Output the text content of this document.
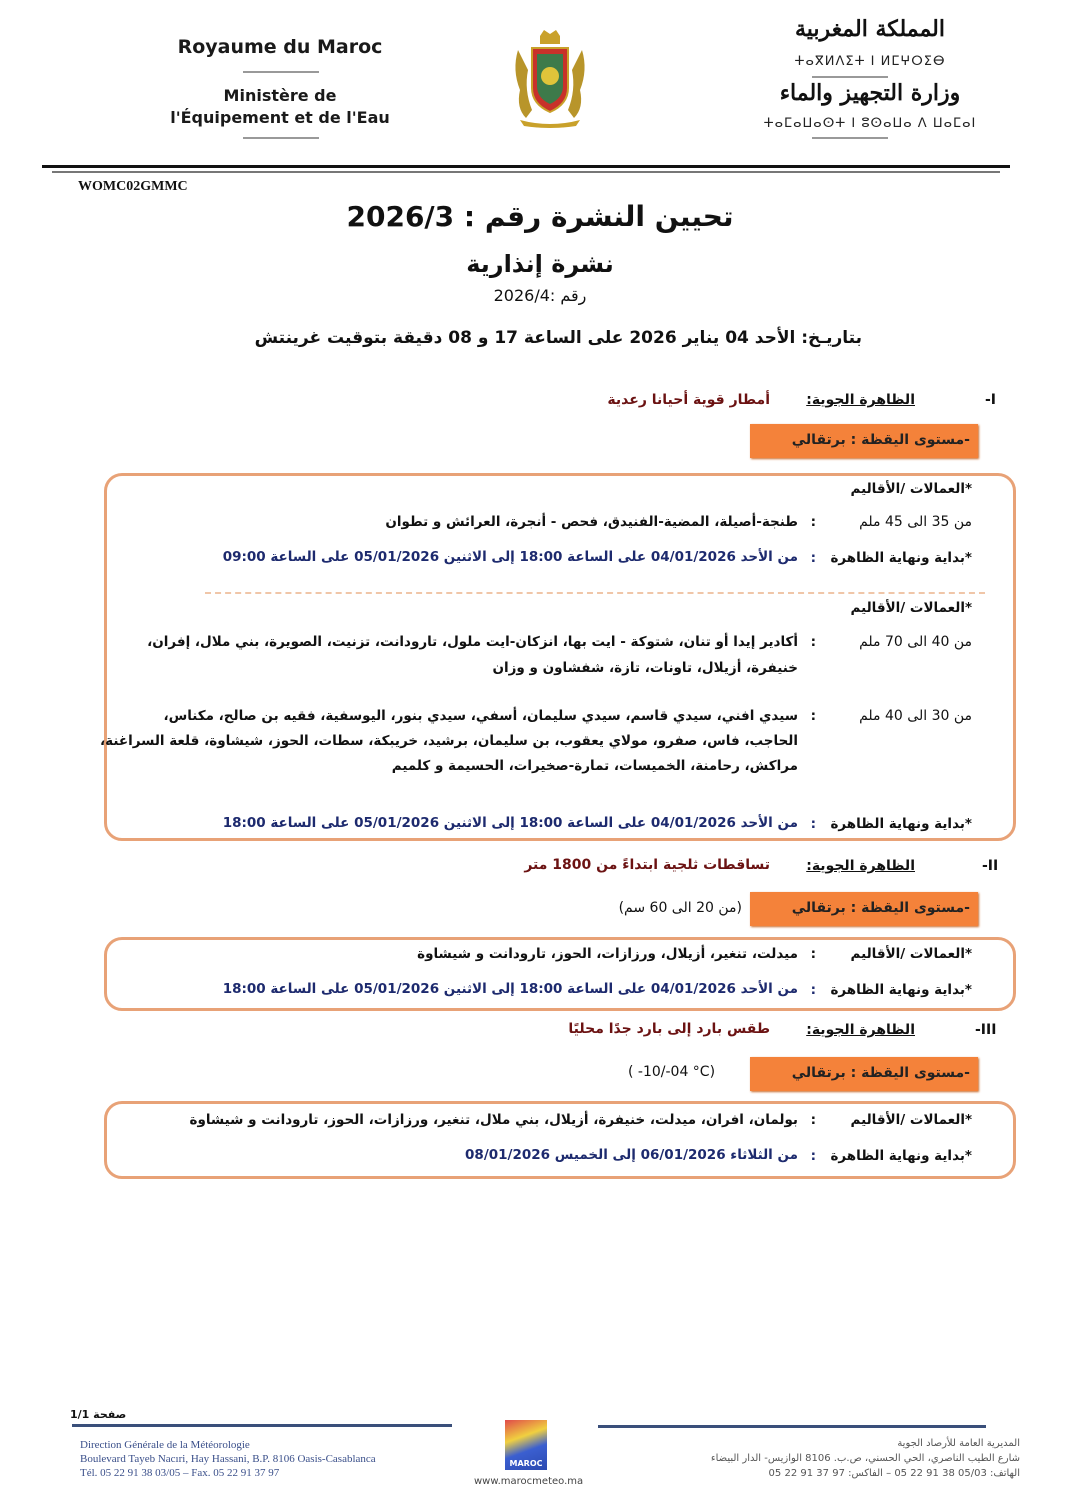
Royaume du Maroc
Ministère de
l'Équipement et de l'Eau
المملكة المغربية
ⵜⴰⴳⵍⴷⵉⵜ ⵏ ⵍⵎⵖⵔⵉⴱ
وزارة التجهيز والماء
ⵜⴰⵎⴰⵡⴰⵙⵜ ⵏ ⵓⵙⴰⵡⴰ ⴷ ⵡⴰⵎⴰⵏ
WOMC02GMMC
تحيين النشرة رقم : 2026/3
نشرة إنذارية
رقم :2026/4
بتاريـخ: الأحد 04 يناير 2026 على الساعة 17 و 08 دقيقة بتوقيت غرينتش
-I
الظاهرة الجوية:
أمطار قوية أحيانا رعدية
-مستوى اليقظة : برتقالي
*العمالات /الأقاليم
من 35 الى 45 ملم
:
طنجة-أصيلة، المضية-الفنيدق، فحص - أنجرة، العرائش و تطوان
*بداية ونهاية الظاهرة
:
من الأحد 04/01/2026 على الساعة 18:00 إلى الاثنين 05/01/2026 على الساعة 09:00
*العمالات /الأقاليم
من 40 الى 70 ملم
:
أكادير إيدا أو تنان، شتوكة - ايت بها، انزكان-ايت ملول، تارودانت، تزنيت، الصويرة، بني ملال، إفران،
خنيفرة، أزيلال، تاونات، تازة، شفشاون و وزان
من 30 الى 40 ملم
:
سيدي افني، سيدي قاسم، سيدي سليمان، أسفي، سيدي بنور، اليوسفية، فقيه بن صالح، مكناس،
الحاجب، فاس، صفرو، مولاي يعقوب، بن سليمان، برشيد، خريبكة، سطات، الحوز، شيشاوة، قلعة السراغنة،
مراكش، رحامنة، الخميسات، تمارة-صخيرات، الحسيمة و كلميم
*بداية ونهاية الظاهرة
:
من الأحد 04/01/2026 على الساعة 18:00 إلى الاثنين 05/01/2026 على الساعة 18:00
-II
الظاهرة الجوية:
تساقطات ثلجية ابتداءً من 1800 متر
-مستوى اليقظة : برتقالي
(من 20 الى 60 سم)
*العمالات /الأقاليم
:
ميدلت، تنغير، أزيلال، ورزازات، الحوز، تارودانت و شيشاوة
*بداية ونهاية الظاهرة
:
من الأحد 04/01/2026 على الساعة 18:00 إلى الاثنين 05/01/2026 على الساعة 18:00
-III
الظاهرة الجوية:
طقس بارد إلى بارد جدًا محليًا
-مستوى اليقظة : برتقالي
( -10/-04 °C)
*العمالات /الأقاليم
:
بولمان، افران، ميدلت، خنيفرة، أزيلال، بني ملال، تنغير، ورزازات، الحوز، تارودانت و شيشاوة
*بداية ونهاية الظاهرة
:
من الثلاثاء 06/01/2026 إلى الخميس 08/01/2026
صفحة 1/1
Direction Générale de la Météorologie
Boulevard Tayeb Nacıri, Hay Hassani, B.P. 8106 Oasis-Casablanca
Tél. 05 22 91 38 03/05 – Fax. 05 22 91 37 97
MAROC
www.marocmeteo.ma
المديرية العامة للأرصاد الجوية
شارع الطيب الناصري، الحي الحسني، ص.ب. 8106 الوازيس- الدار البيضاء
الهاتف: 05/03 38 91 22 05 – الفاكس: 97 37 91 22 05
